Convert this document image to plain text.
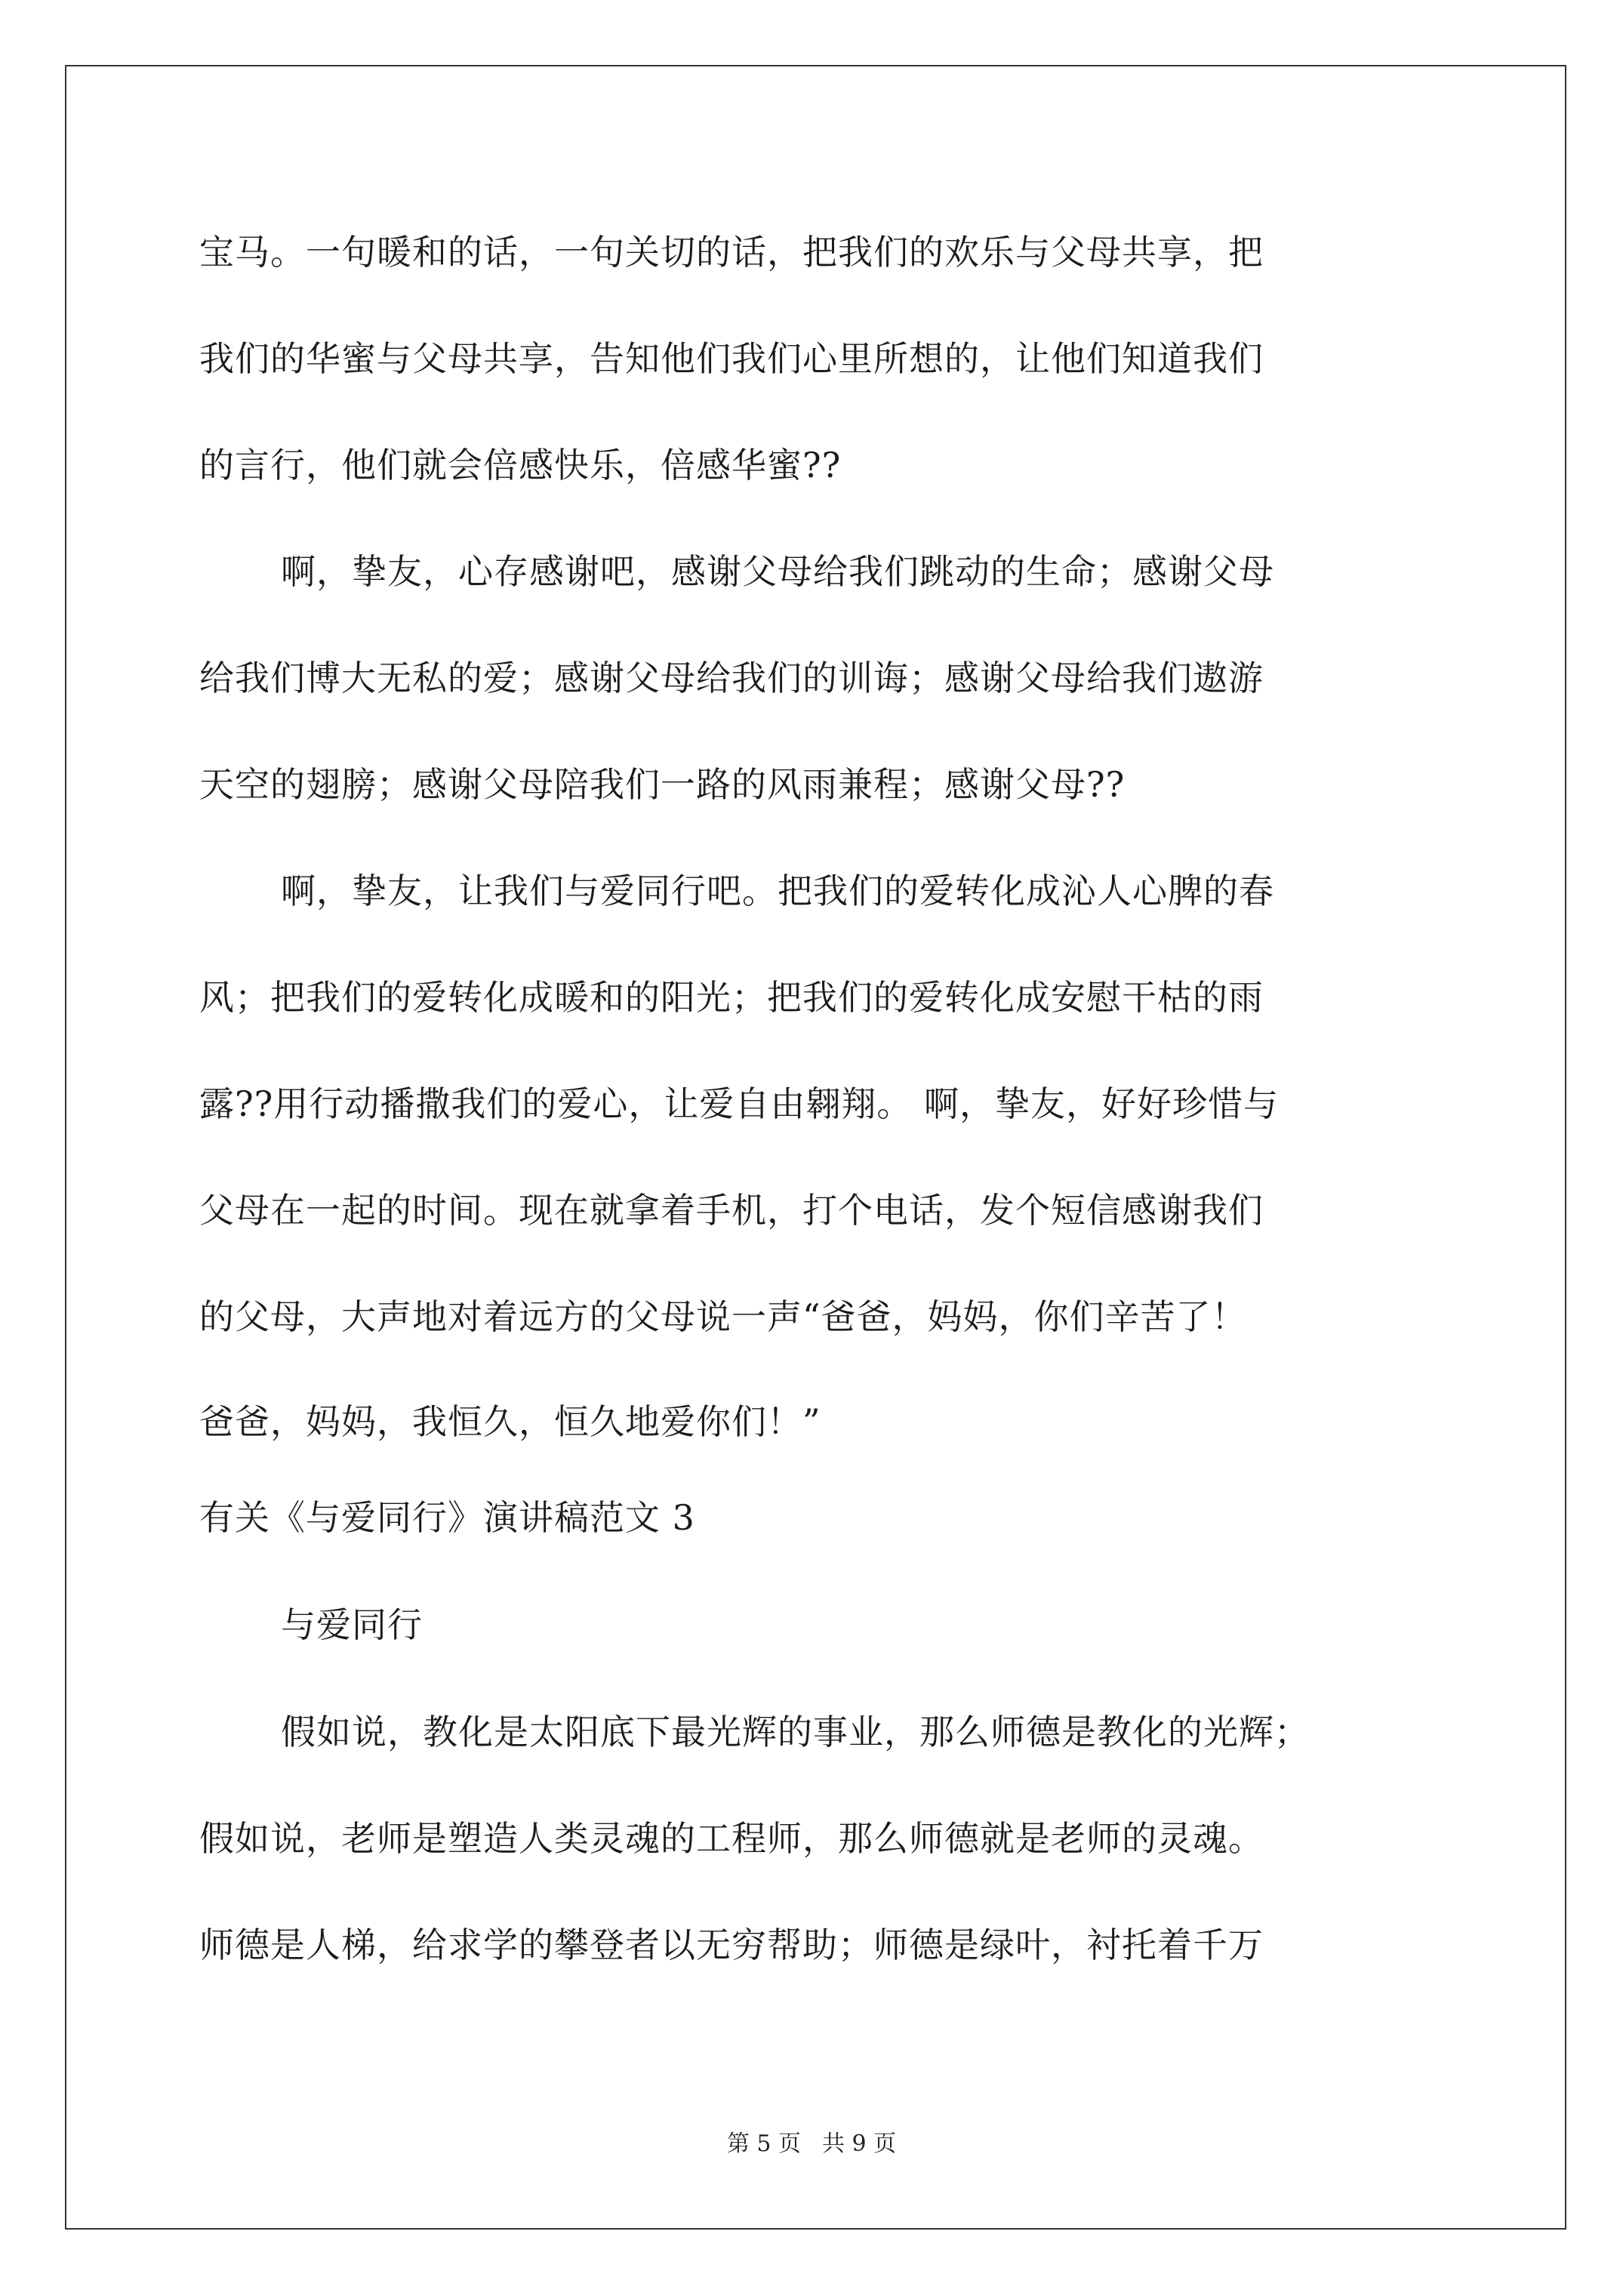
宝马。一句暖和的话，一句关切的话，把我们的欢乐与父母共享，把
我们的华蜜与父母共享，告知他们我们心里所想的，让他们知道我们
的言行，他们就会倍感快乐，倍感华蜜??
啊，挚友，心存感谢吧，感谢父母给我们跳动的生命；感谢父母
给我们博大无私的爱；感谢父母给我们的训诲；感谢父母给我们遨游
天空的翅膀；感谢父母陪我们一路的风雨兼程；感谢父母??
啊，挚友，让我们与爱同行吧。把我们的爱转化成沁人心脾的春
风；把我们的爱转化成暖和的阳光；把我们的爱转化成安慰干枯的雨
露??用行动播撒我们的爱心，让爱自由翱翔。 啊，挚友，好好珍惜与
父母在一起的时间。现在就拿着手机，打个电话，发个短信感谢我们
的父母，大声地对着远方的父母说一声“爸爸，妈妈，你们辛苦了！
爸爸，妈妈，我恒久，恒久地爱你们！”
有关《与爱同行》演讲稿范文 3
与爱同行
假如说，教化是太阳底下最光辉的事业，那么师德是教化的光辉；
假如说，老师是塑造人类灵魂的工程师，那么师德就是老师的灵魂。
师德是人梯，给求学的攀登者以无穷帮助；师德是绿叶，衬托着千万
第 5 页 共 9 页
